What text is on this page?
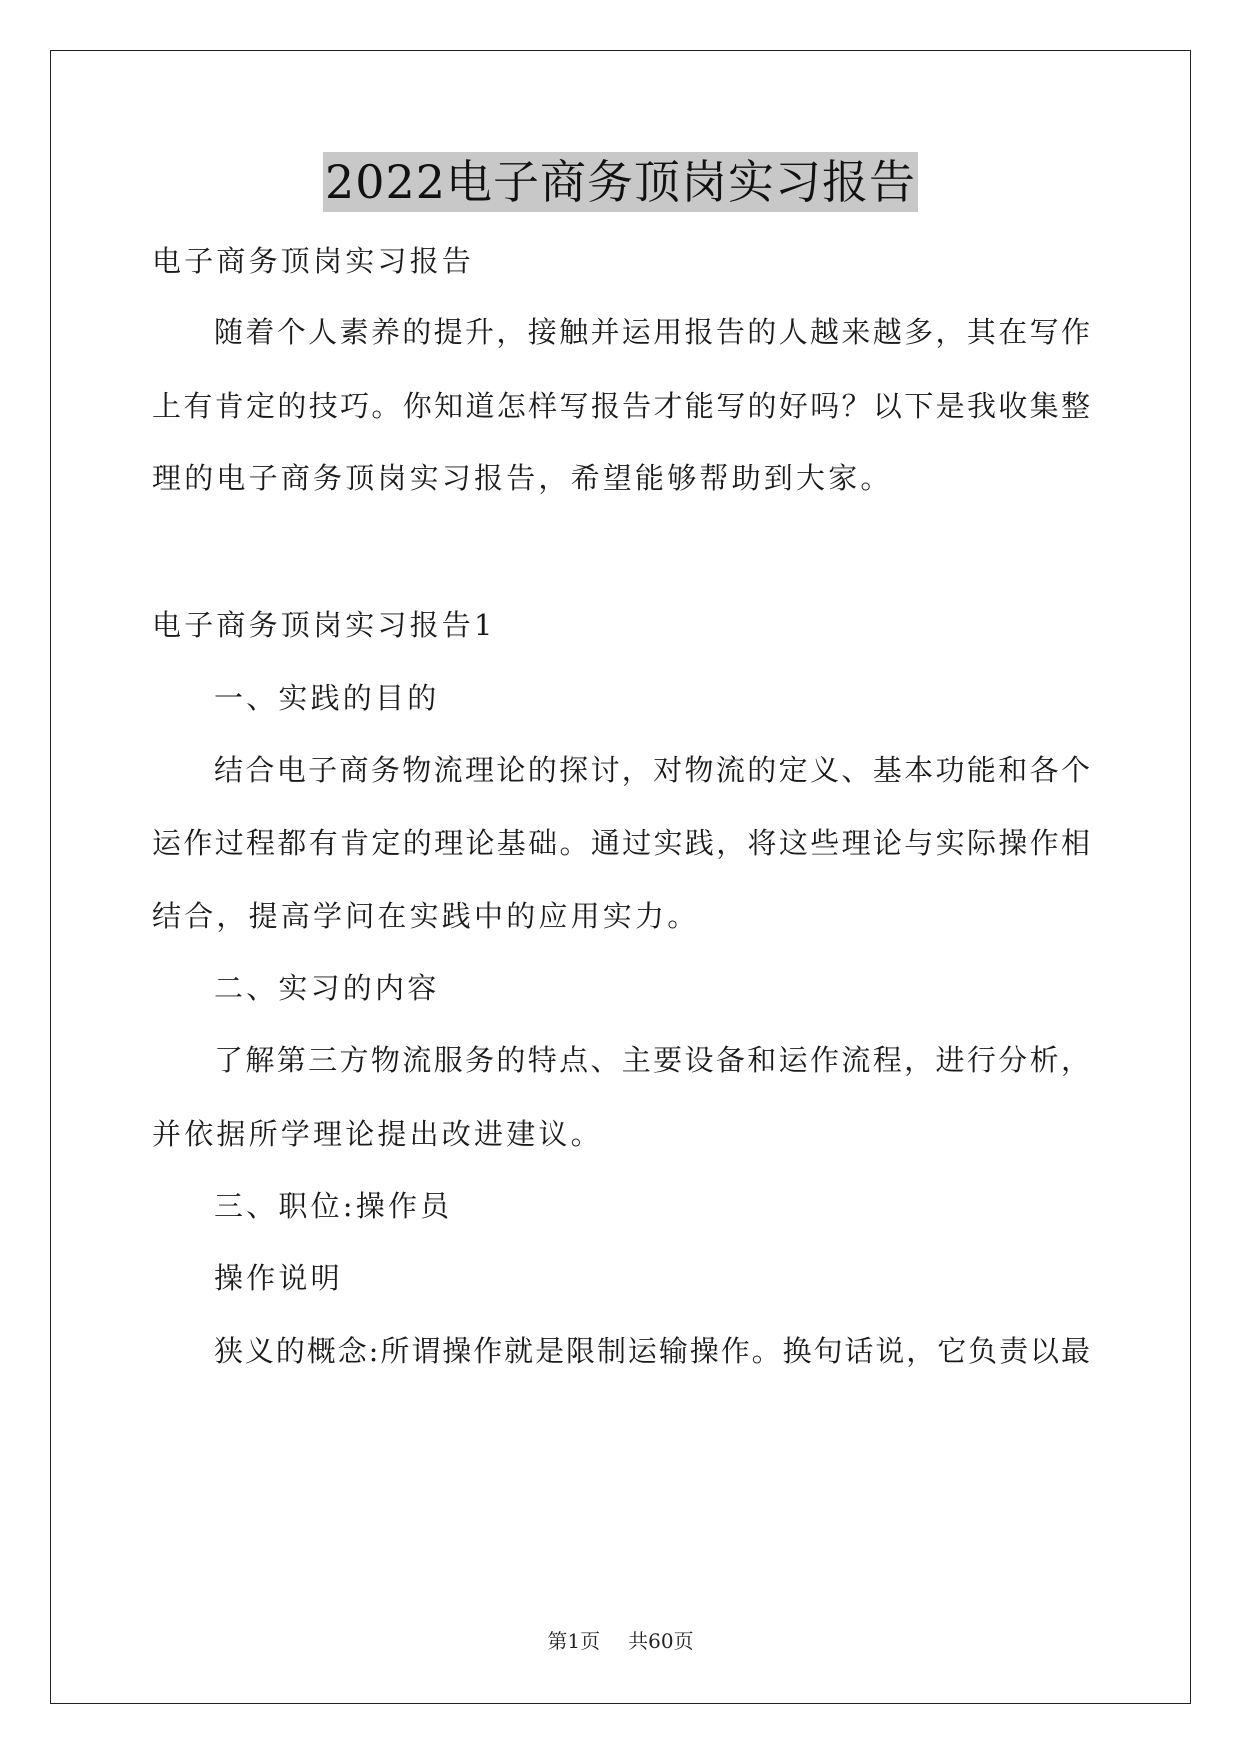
2022电子商务顶岗实习报告
电子商务顶岗实习报告
随着个人素养的提升，接触并运用报告的人越来越多，其在写作
上有肯定的技巧。你知道怎样写报告才能写的好吗？以下是我收集整
理的电子商务顶岗实习报告，希望能够帮助到大家。
电子商务顶岗实习报告1
一、实践的目的
结合电子商务物流理论的探讨，对物流的定义、基本功能和各个
运作过程都有肯定的理论基础。通过实践，将这些理论与实际操作相
结合，提高学问在实践中的应用实力。
二、实习的内容
了解第三方物流服务的特点、主要设备和运作流程，进行分析，
并依据所学理论提出改进建议。
三、职位:操作员
操作说明
狭义的概念:所谓操作就是限制运输操作。换句话说，它负责以最
第1页 共60页
